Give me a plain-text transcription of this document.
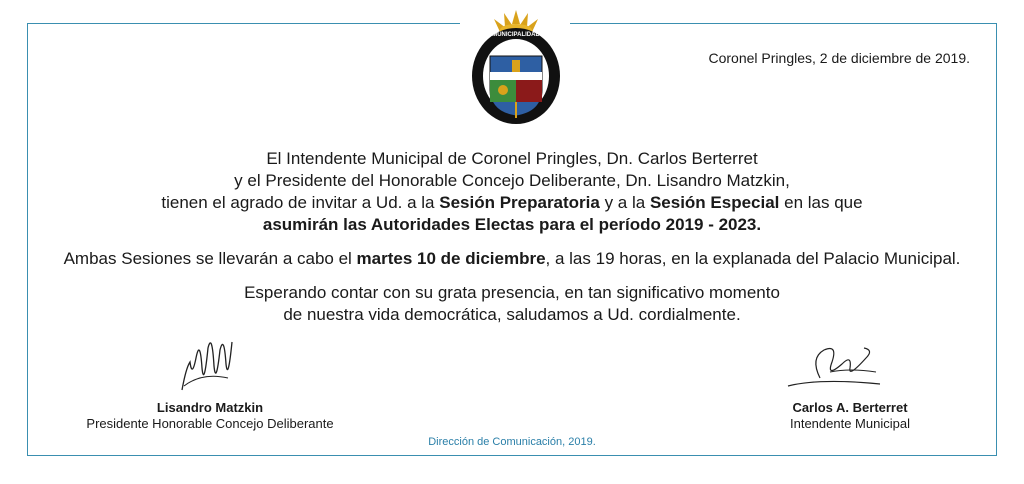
MUNICIPALIDAD
Coronel Pringles, 2 de diciembre de 2019.

El Intendente Municipal de Coronel Pringles, Dn. Carlos Berterret

y el Presidente del Honorable Concejo Deliberante, Dn. Lisandro Matzkin,

tienen el agrado de invitar a Ud. a la Sesión Preparatoria y a la Sesión Especial en las que

asumirán las Autoridades Electas para el período 2019 - 2023.

Ambas Sesiones se llevarán a cabo el martes 10 de diciembre, a las 19 horas, en la explanada del Palacio Municipal.

Esperando contar con su grata presencia, en tan significativo momento

de nuestra vida democrática, saludamos a Ud. cordialmente.

Lisandro Matzkin
Presidente Honorable Concejo Deliberante
Carlos A. Berterret
Intendente Municipal
Dirección de Comunicación, 2019.
